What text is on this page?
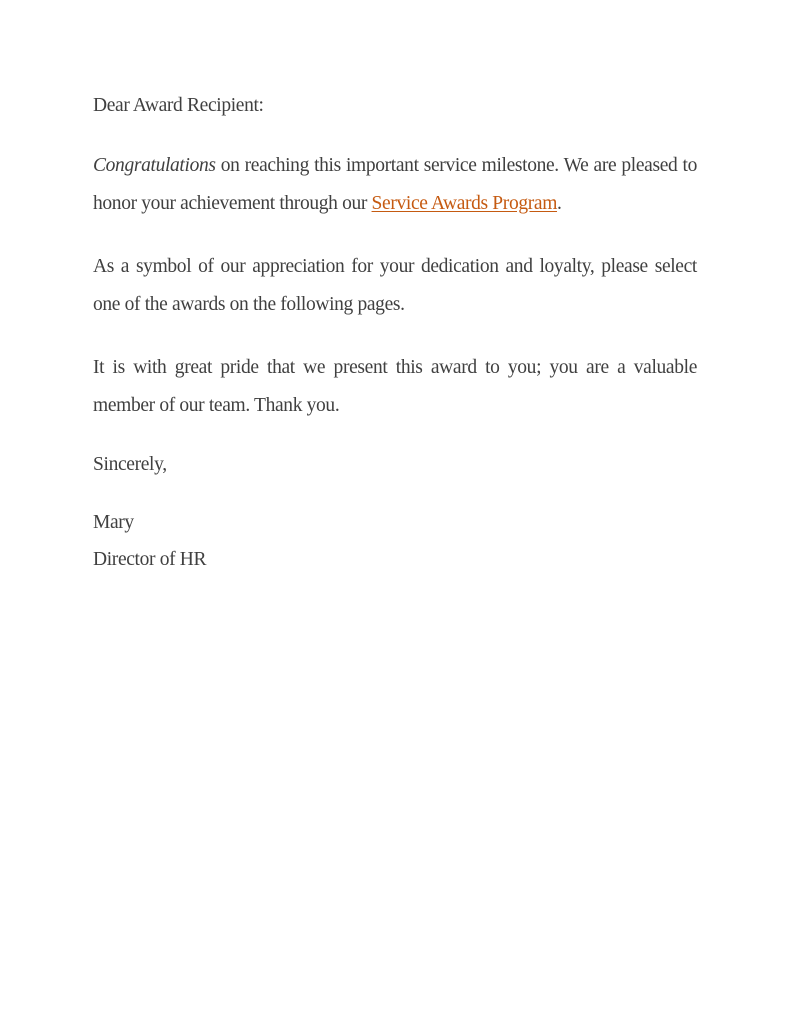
Dear Award Recipient:

Congratulations on reaching this important service milestone. We are pleased to honor your achievement through our Service Awards Program.

As a symbol of our appreciation for your dedication and loyalty, please select one of the awards on the following pages.

It is with great pride that we present this award to you; you are a valuable member of our team. Thank you.

Sincerely,

Mary
Director of HR
